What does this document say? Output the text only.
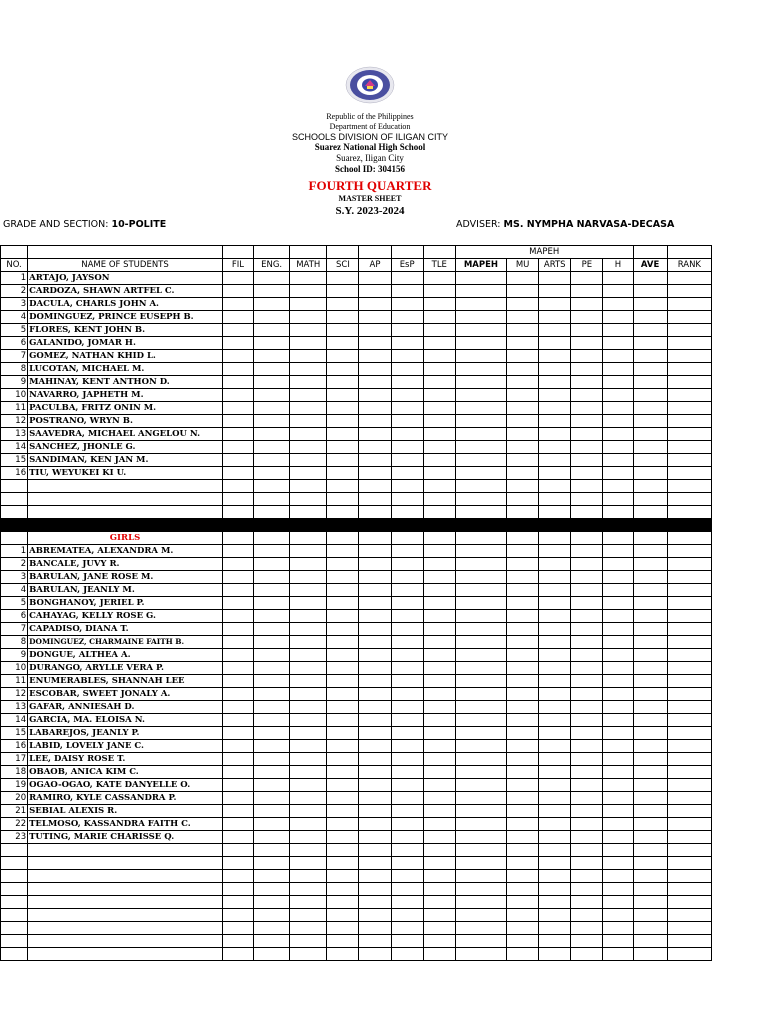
Republic of the Philippines
Department of Education
SCHOOLS DIVISION OF ILIGAN CITY
Suarez National High School
Suarez, Iligan City
School ID: 304156
FOURTH QUARTER
MASTER SHEET
S.Y. 2023-2024
GRADE AND SECTION: 10-POLITE	ADVISER: MS. NYMPHA NARVASA-DECASA
									MAPEH						
NO.	NAME OF STUDENTS	FIL	ENG.	MATH	SCI	AP	EsP	TLE	MAPEH	MU	ARTS	PE	H	AVE	RANK
1	ARTAJO, JAYSON														
2	CARDOZA, SHAWN ARTFEL C.														
3	DACULA, CHARLS JOHN A.														
4	DOMINGUEZ, PRINCE EUSEPH B.														
5	FLORES, KENT JOHN B.														
6	GALANIDO, JOMAR H.														
7	GOMEZ, NATHAN KHID L.														
8	LUCOTAN, MICHAEL M.														
9	MAHINAY, KENT ANTHON D.														
10	NAVARRO, JAPHETH M.														
11	PACULBA, FRITZ ONIN M.														
12	POSTRANO, WRYN B.														
13	SAAVEDRA, MICHAEL ANGELOU N.														
14	SANCHEZ, JHONLE G.														
15	SANDIMAN, KEN JAN M.														
16	TIU, WEYUKEI KI U.														

	GIRLS														
1	ABREMATEA, ALEXANDRA M.														
2	BANCALE, JUVY R.														
3	BARULAN, JANE ROSE M.														
4	BARULAN, JEANLY M.														
5	BONGHANOY, JERIEL P.														
6	CAHAYAG, KELLY ROSE G.														
7	CAPADISO, DIANA T.														
8	DOMINGUEZ, CHARMAINE FAITH B.														
9	DONGUE, ALTHEA A.														
10	DURANGO, ARYLLE VERA P.														
11	ENUMERABLES, SHANNAH LEE														
12	ESCOBAR, SWEET JONALY A.														
13	GAFAR, ANNIESAH D.														
14	GARCIA, MA. ELOISA N.														
15	LABAREJOS, JEANLY P.														
16	LABID, LOVELY JANE C.														
17	LEE, DAISY ROSE T.														
18	OBAOB, ANICA KIM C.														
19	OGAO-OGAO, KATE DANYELLE O.														
20	RAMIRO, KYLE CASSANDRA P.														
21	SEBIAL ALEXIS R.														
22	TELMOSO, KASSANDRA FAITH C.														
23	TUTING, MARIE CHARISSE Q.														
